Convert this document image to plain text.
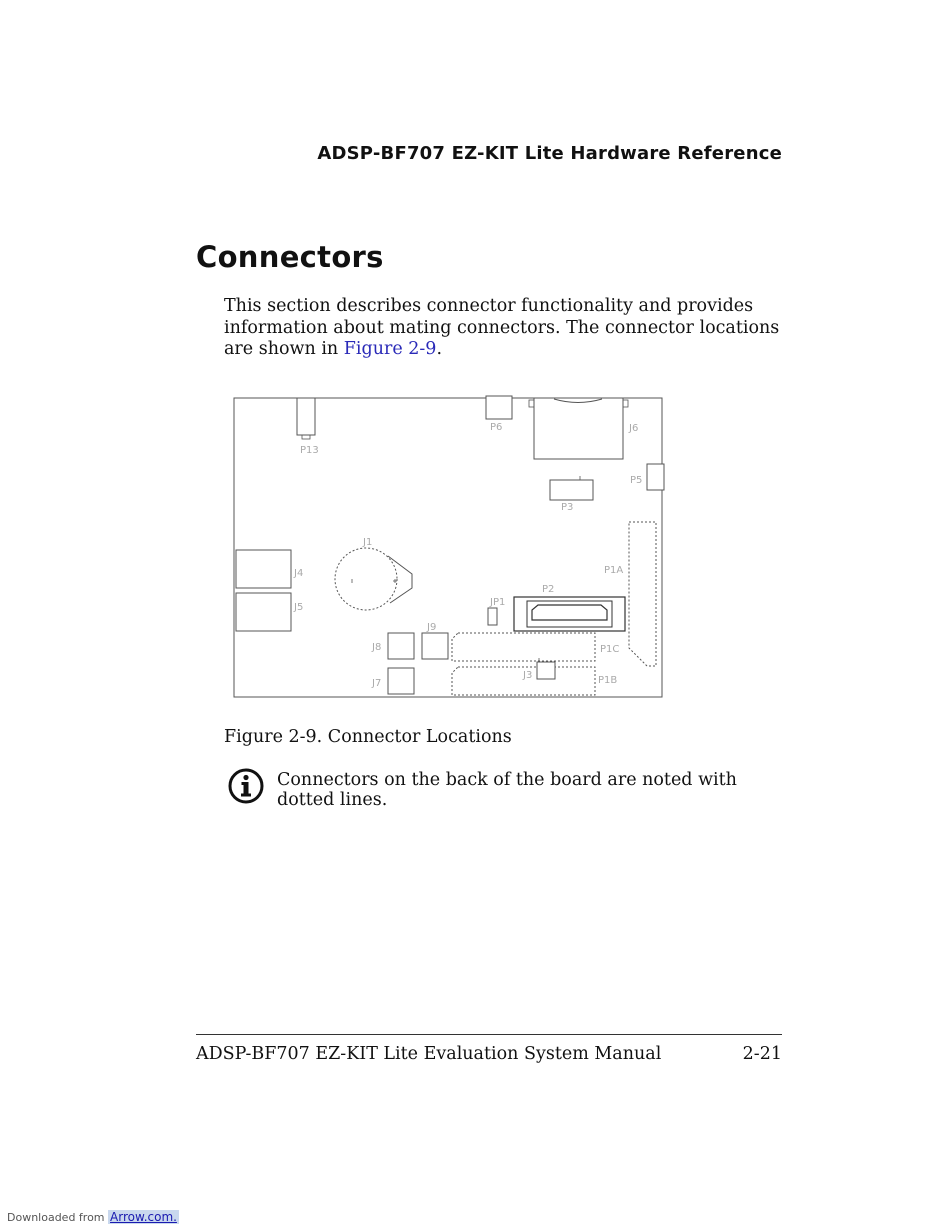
ADSP-BF707 EZ-KIT Lite Hardware Reference
Connectors
This section describes connector functionality and provides information about mating connectors. The connector locations are shown in Figure 2-9.
P13
P6	J6
P5
P3
P1A
J1
J4
J5	JP1
P2
J9
J8
J7
P1C
P1B
J3
Figure 2-9. Connector Locations
Connectors on the back of the board are noted with dotted lines.
ADSP-BF707 EZ-KIT Lite Evaluation System Manual	2-21
Downloaded from Arrow.com.
